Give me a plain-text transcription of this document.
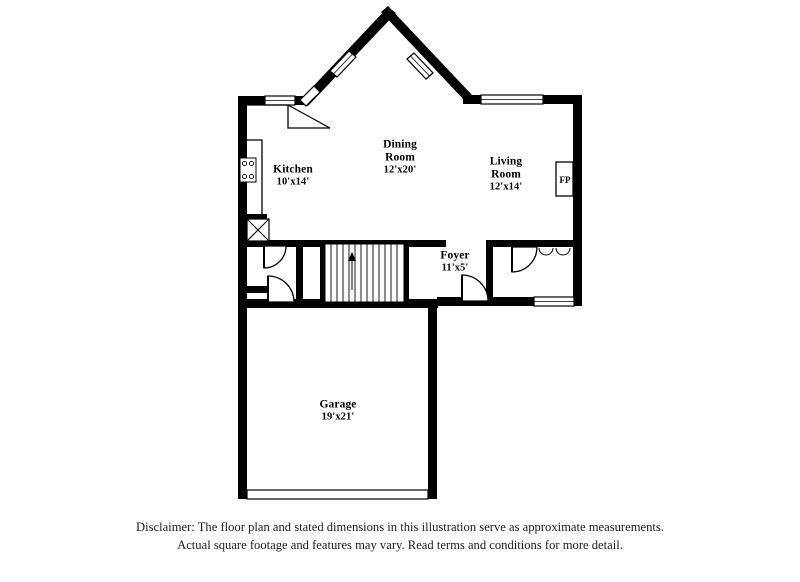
Kitchen
10'x14'
Dining
Room
12'x20'
Living
Room
12'x14'
Foyer
11'x5'
Garage
19'x21'
FP
Disclaimer: The floor plan and stated dimensions in this illustration serve as approximate measurements.
Actual square footage and features may vary. Read terms and conditions for more detail.
